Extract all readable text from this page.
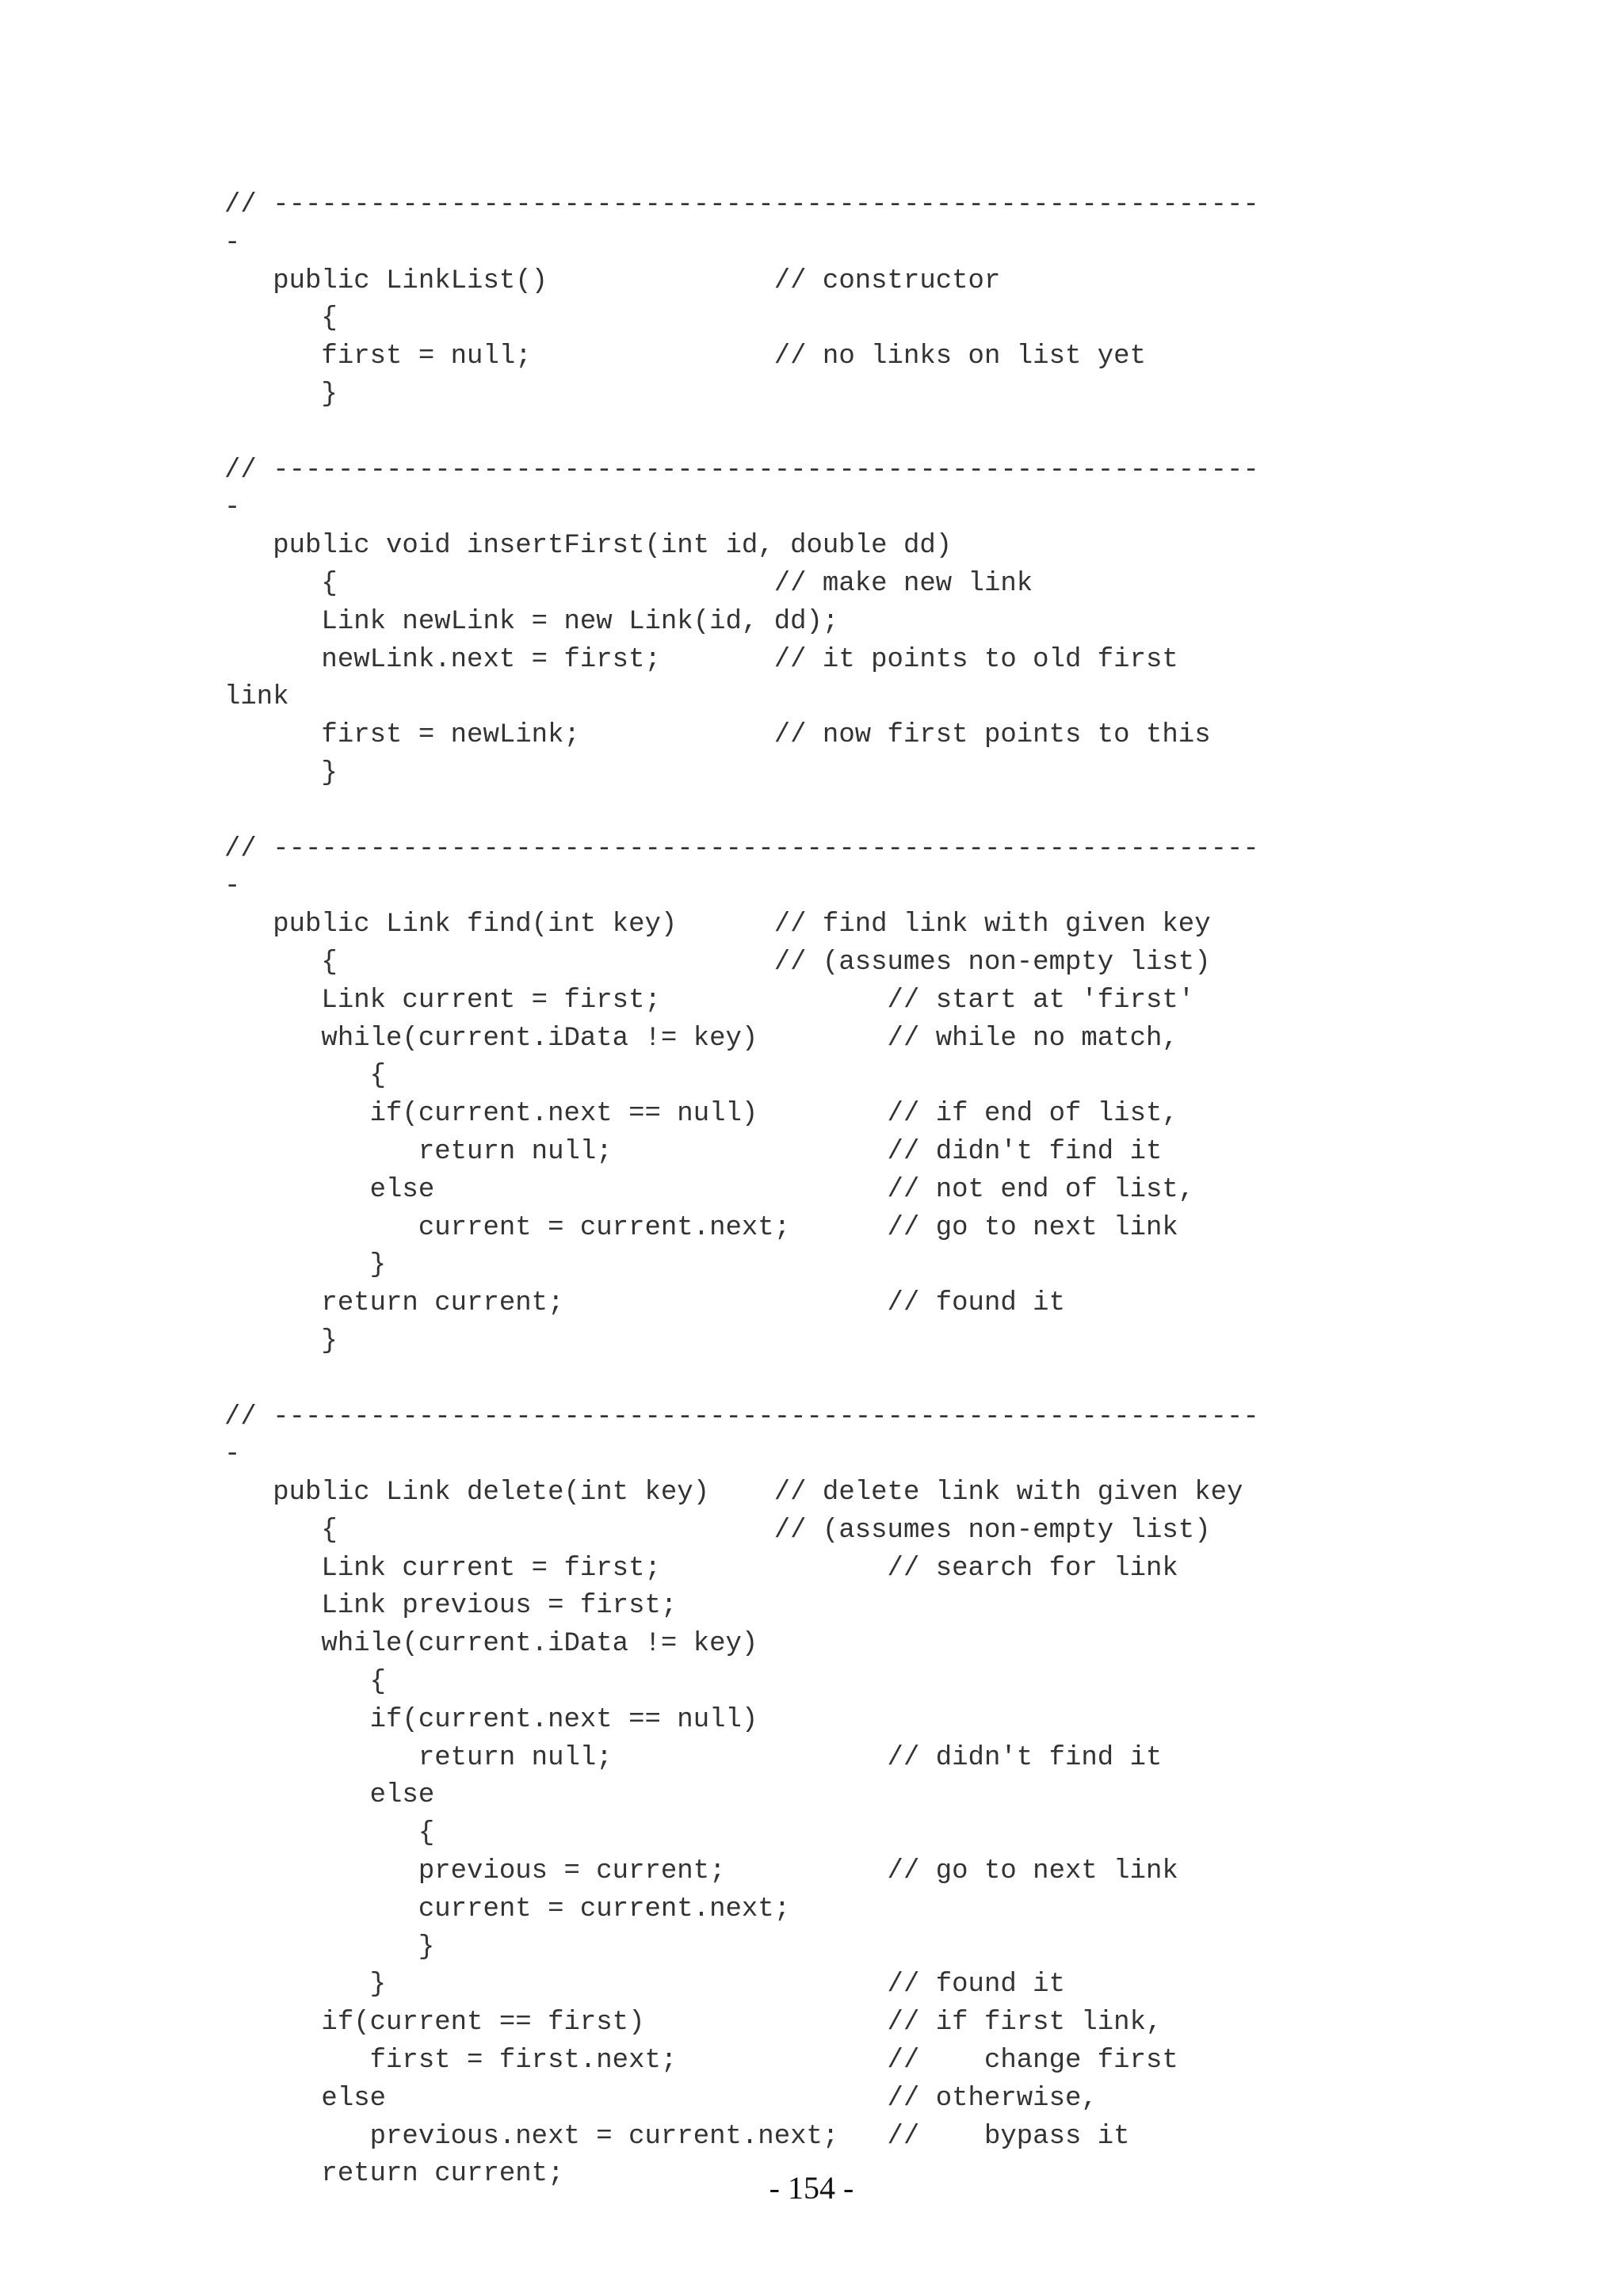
// -------------------------------------------------------------
-
public LinkList()              // constructor
{
first = null;               // no links on list yet
}
// -------------------------------------------------------------
-
public void insertFirst(int id, double dd)
{                           // make new link
Link newLink = new Link(id, dd);
newLink.next = first;       // it points to old first
link
first = newLink;            // now first points to this
}
// -------------------------------------------------------------
-
public Link find(int key)      // find link with given key
{                           // (assumes non-empty list)
Link current = first;              // start at 'first'
while(current.iData != key)        // while no match,
{
if(current.next == null)        // if end of list,
return null;                 // didn't find it
else                            // not end of list,
current = current.next;      // go to next link
}
return current;                    // found it
}
// -------------------------------------------------------------
-
public Link delete(int key)    // delete link with given key
{                           // (assumes non-empty list)
Link current = first;              // search for link
Link previous = first;
while(current.iData != key)
{
if(current.next == null)
return null;                 // didn't find it
else
{
previous = current;          // go to next link
current = current.next;
}
}                               // found it
if(current == first)               // if first link,
first = first.next;             //    change first
else                               // otherwise,
previous.next = current.next;   //    bypass it
return current;	- 154 -
